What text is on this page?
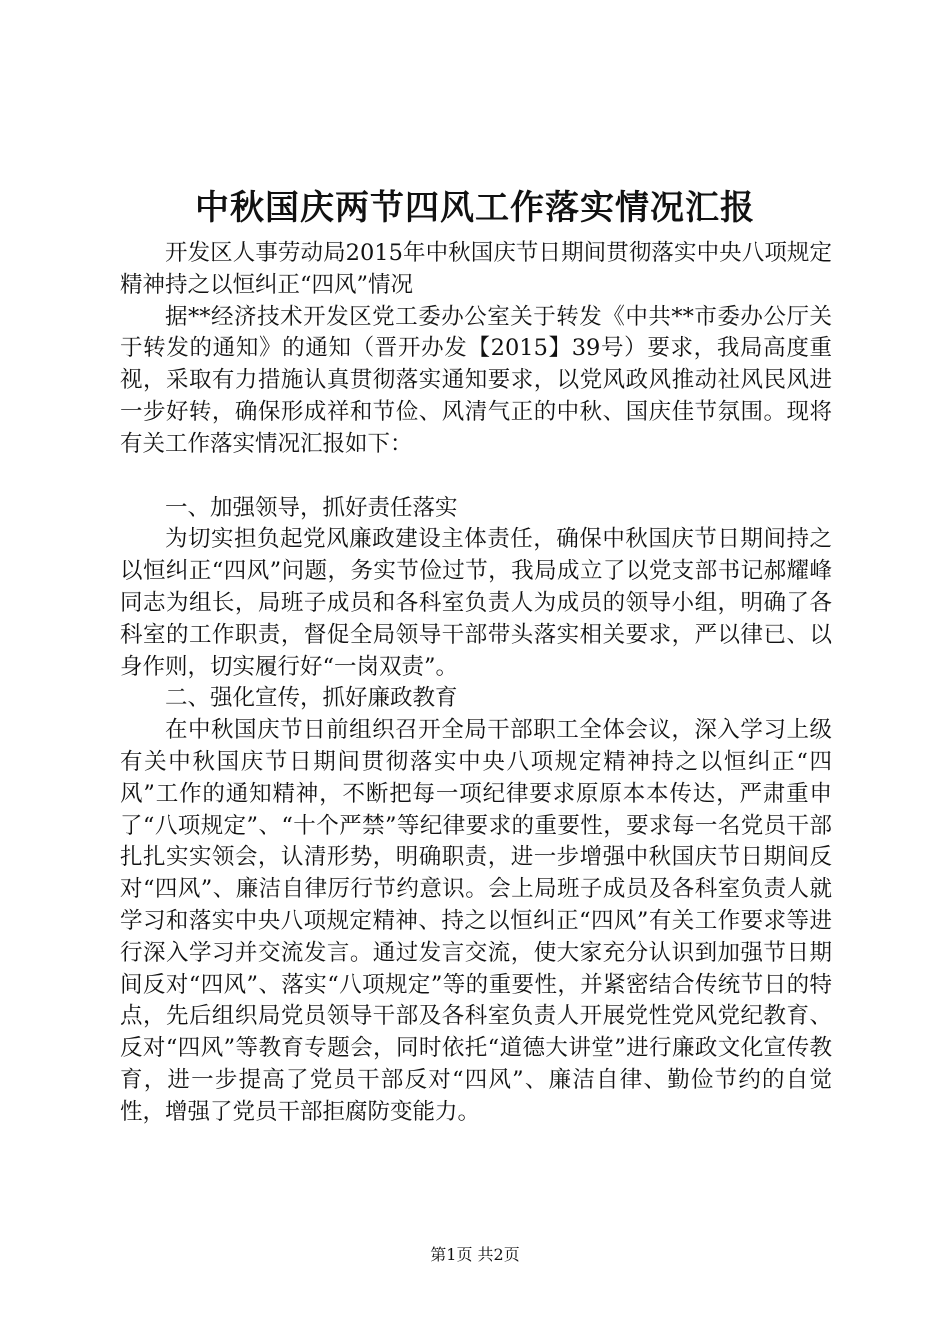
中秋国庆两节四风工作落实情况汇报

开发区人事劳动局2015年中秋国庆节日期间贯彻落实中央八项规定精神持之以恒纠正“四风”情况

据**经济技术开发区党工委办公室关于转发《中共**市委办公厅关于转发的通知》的通知（晋开办发【2015】39号）要求，我局高度重视，采取有力措施认真贯彻落实通知要求，以党风政风推动社风民风进一步好转，确保形成祥和节俭、风清气正的中秋、国庆佳节氛围。现将有关工作落实情况汇报如下：

一、加强领导，抓好责任落实

为切实担负起党风廉政建设主体责任，确保中秋国庆节日期间持之以恒纠正“四风”问题，务实节俭过节，我局成立了以党支部书记郝耀峰同志为组长，局班子成员和各科室负责人为成员的领导小组，明确了各科室的工作职责，督促全局领导干部带头落实相关要求，严以律已、以身作则，切实履行好“一岗双责”。

二、强化宣传，抓好廉政教育

在中秋国庆节日前组织召开全局干部职工全体会议，深入学习上级有关中秋国庆节日期间贯彻落实中央八项规定精神持之以恒纠正“四风”工作的通知精神，不断把每一项纪律要求原原本本传达，严肃重申了“八项规定”、“十个严禁”等纪律要求的重要性，要求每一名党员干部扎扎实实领会，认清形势，明确职责，进一步增强中秋国庆节日期间反对“四风”、廉洁自律厉行节约意识。会上局班子成员及各科室负责人就学习和落实中央八项规定精神、持之以恒纠正“四风”有关工作要求等进行深入学习并交流发言。通过发言交流，使大家充分认识到加强节日期间反对“四风”、落实“八项规定”等的重要性，并紧密结合传统节日的特点，先后组织局党员领导干部及各科室负责人开展党性党风党纪教育、反对“四风”等教育专题会，同时依托“道德大讲堂”进行廉政文化宣传教育，进一步提高了党员干部反对“四风”、廉洁自律、勤俭节约的自觉性，增强了党员干部拒腐防变能力。

第1页 共2页
